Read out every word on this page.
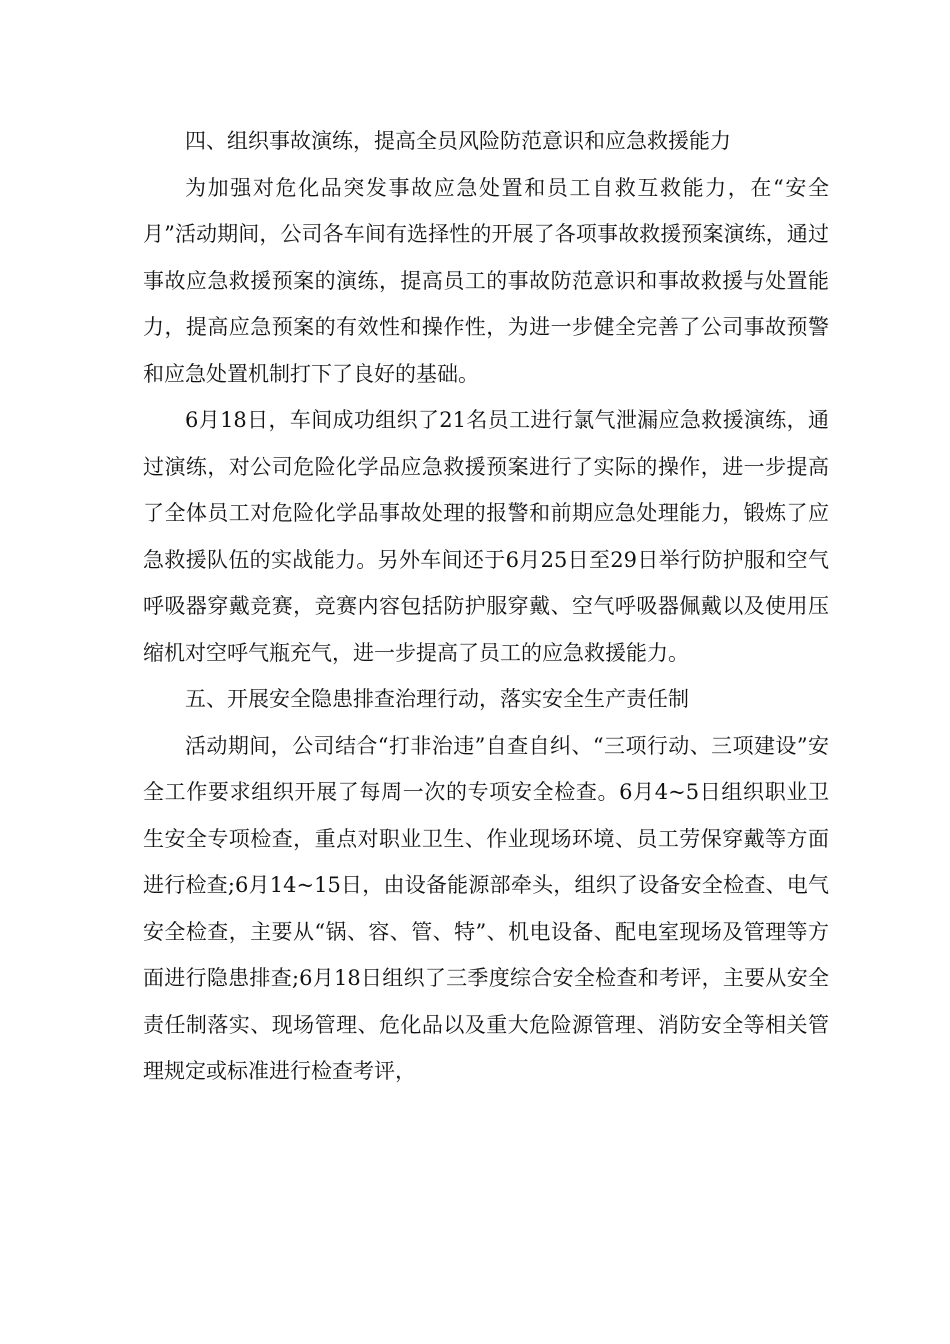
四、组织事故演练，提高全员风险防范意识和应急救援能力

为加强对危化品突发事故应急处置和员工自救互救能力，在“安全月”活动期间，公司各车间有选择性的开展了各项事故救援预案演练，通过事故应急救援预案的演练，提高员工的事故防范意识和事故救援与处置能力，提高应急预案的有效性和操作性，为进一步健全完善了公司事故预警和应急处置机制打下了良好的基础。

6月18日，车间成功组织了21名员工进行氯气泄漏应急救援演练，通过演练，对公司危险化学品应急救援预案进行了实际的操作，进一步提高了全体员工对危险化学品事故处理的报警和前期应急处理能力，锻炼了应急救援队伍的实战能力。另外车间还于6月25日至29日举行防护服和空气呼吸器穿戴竞赛，竞赛内容包括防护服穿戴、空气呼吸器佩戴以及使用压缩机对空呼气瓶充气，进一步提高了员工的应急救援能力。

五、开展安全隐患排查治理行动，落实安全生产责任制

活动期间，公司结合“打非治违”自查自纠、“三项行动、三项建设”安全工作要求组织开展了每周一次的专项安全检查。6月4~5日组织职业卫生安全专项检查，重点对职业卫生、作业现场环境、员工劳保穿戴等方面进行检查;6月14~15日，由设备能源部牵头，组织了设备安全检查、电气安全检查，主要从“锅、容、管、特”、机电设备、配电室现场及管理等方面进行隐患排查;6月18日组织了三季度综合安全检查和考评，主要从安全责任制落实、现场管理、危化品以及重大危险源管理、消防安全等相关管理规定或标准进行检查考评，
